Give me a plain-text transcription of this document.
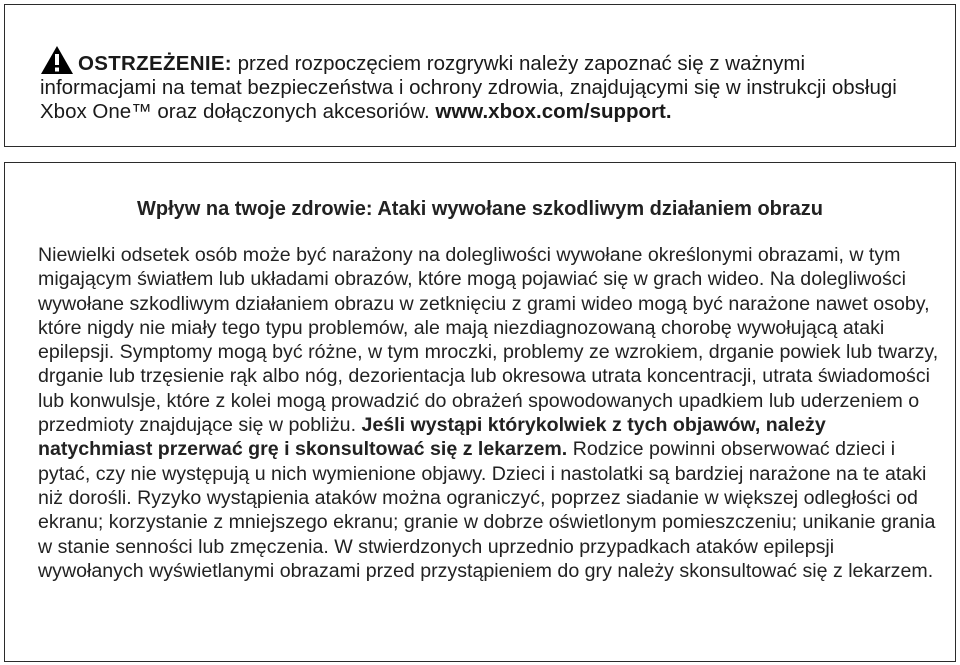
OSTRZEŻENIE: przed rozpoczęciem rozgrywki należy zapoznać się z ważnymi informacjami na temat bezpieczeństwa i ochrony zdrowia, znajdującymi się w instrukcji obsługi Xbox One™ oraz dołączonych akcesoriów. www.xbox.com/support.

Wpływ na twoje zdrowie: Ataki wywołane szkodliwym działaniem obrazu

Niewielki odsetek osób może być narażony na dolegliwości wywołane określonymi obrazami, w tym migającym światłem lub układami obrazów, które mogą pojawiać się w grach wideo. Na dolegliwości wywołane szkodliwym działaniem obrazu w zetknięciu z grami wideo mogą być narażone nawet osoby, które nigdy nie miały tego typu problemów, ale mają niezdiagnozowaną chorobę wywołującą ataki epilepsji. Symptomy mogą być różne, w tym mroczki, problemy ze wzrokiem, drganie powiek lub twarzy, drganie lub trzęsienie rąk albo nóg, dezorientacja lub okresowa utrata koncentracji, utrata świadomości lub konwulsje, które z kolei mogą prowadzić do obrażeń spowodowanych upadkiem lub uderzeniem o przedmioty znajdujące się w pobliżu. Jeśli wystąpi którykolwiek z tych objawów, należy natychmiast przerwać grę i skonsultować się z lekarzem. Rodzice powinni obserwować dzieci i pytać, czy nie występują u nich wymienione objawy. Dzieci i nastolatki są bardziej narażone na te ataki niż dorośli. Ryzyko wystąpienia ataków można ograniczyć, poprzez siadanie w większej odległości od ekranu; korzystanie z mniejszego ekranu; granie w dobrze oświetlonym pomieszczeniu; unikanie grania w stanie senności lub zmęczenia. W stwierdzonych uprzednio przypadkach ataków epilepsji wywołanych wyświetlanymi obrazami przed przystąpieniem do gry należy skonsultować się z lekarzem.
